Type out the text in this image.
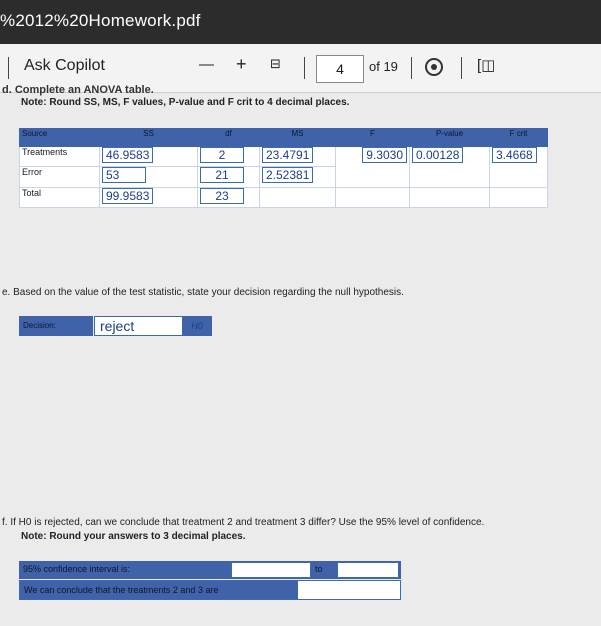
%2012%20Homework.pdf
Ask Copilot	— + ⊟	4	of 19	[◫
d. Complete an ANOVA table.
Note: Round SS, MS, F values, P-value and F crit to 4 decimal places.
Source	SS	df	MS	F	P-value	F crit
Treatments	46.9583	2	23.4791	9.3030	0.00128	3.4668
Error	53	21	2.52381			
Total	99.9583	23				
e. Based on the value of the test statistic, state your decision regarding the null hypothesis.
Decision:	reject	H0
f. If H0 is rejected, can we conclude that treatment 2 and treatment 3 differ? Use the 95% level of confidence.
Note: Round your answers to 3 decimal places.
95% confidence interval is:	to
We can conclude that the treatments 2 and 3 are
